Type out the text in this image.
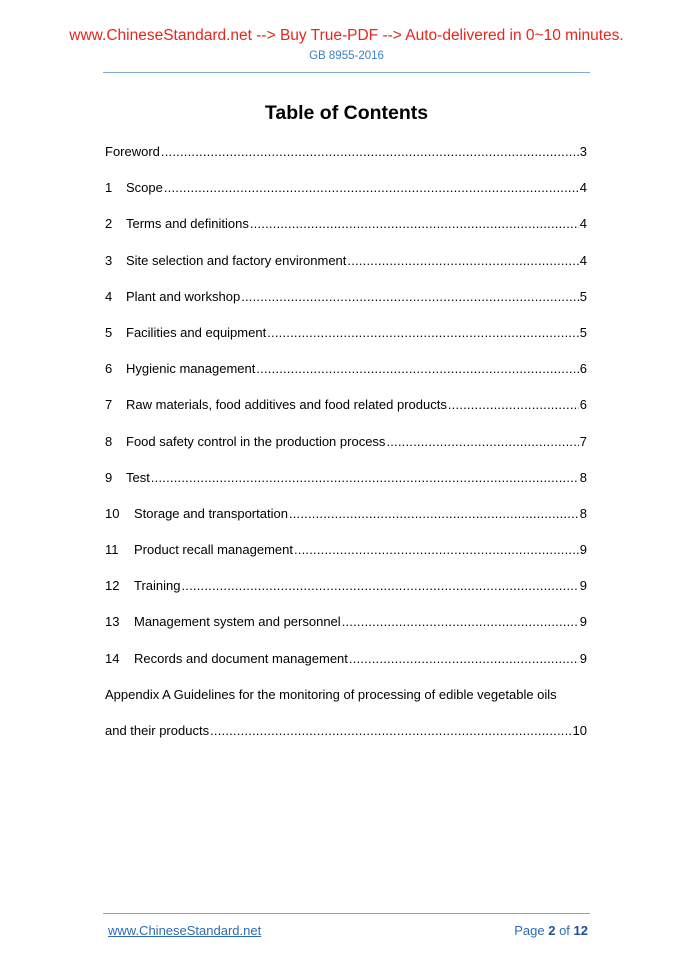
www.ChineseStandard.net --> Buy True-PDF --> Auto-delivered in 0~10 minutes.
GB 8955-2016
Table of Contents
Foreword .....	3
1	Scope .....	4
2	Terms and definitions .....	4
3	Site selection and factory environment .....	4
4	Plant and workshop .....	5
5	Facilities and equipment .....	5
6	Hygienic management .....	6
7	Raw materials, food additives and food related products .....	6
8	Food safety control in the production process .....	7
9	Test .....	8
10	Storage and transportation .....	8
11	Product recall management .....	9
12	Training .....	9
13	Management system and personnel .....	9
14	Records and document management .....	9
Appendix A Guidelines for the monitoring of processing of edible vegetable oils
and their products .....	10
www.ChineseStandard.net	Page 2 of 12
